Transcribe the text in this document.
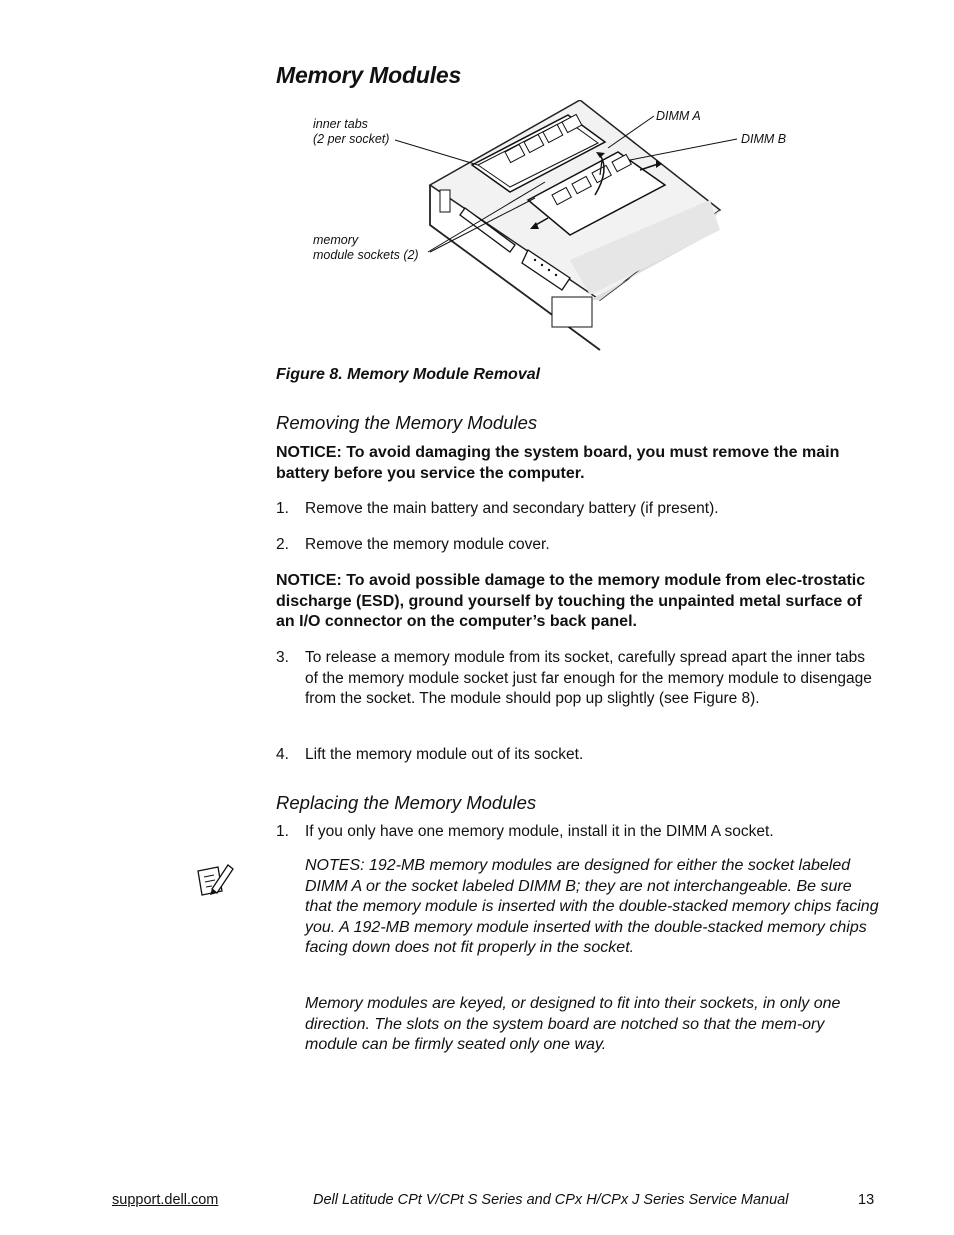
Memory Modules
inner tabs
(2 per socket)
memory
module sockets (2)
DIMM A
DIMM B
Figure 8. Memory Module Removal
Removing the Memory Modules
NOTICE: To avoid damaging the system board, you must remove the main battery before you service the computer.
1. Remove the main battery and secondary battery (if present).
2. Remove the memory module cover.
NOTICE: To avoid possible damage to the memory module from elec-trostatic discharge (ESD), ground yourself by touching the unpainted metal surface of an I/O connector on the computer’s back panel.
3. To release a memory module from its socket, carefully spread apart the inner tabs of the memory module socket just far enough for the memory module to disengage from the socket. The module should pop up slightly (see Figure 8).
4. Lift the memory module out of its socket.
Replacing the Memory Modules
1. If you only have one memory module, install it in the DIMM A socket.
NOTES: 192-MB memory modules are designed for either the socket labeled DIMM A or the socket labeled DIMM B; they are not interchangeable. Be sure that the memory module is inserted with the double-stacked memory chips facing you. A 192-MB memory module inserted with the double-stacked memory chips facing down does not fit properly in the socket.
Memory modules are keyed, or designed to fit into their sockets, in only one direction. The slots on the system board are notched so that the mem-ory module can be firmly seated only one way.
support.dell.com	Dell Latitude CPt V/CPt S Series and CPx H/CPx J Series Service Manual	13
